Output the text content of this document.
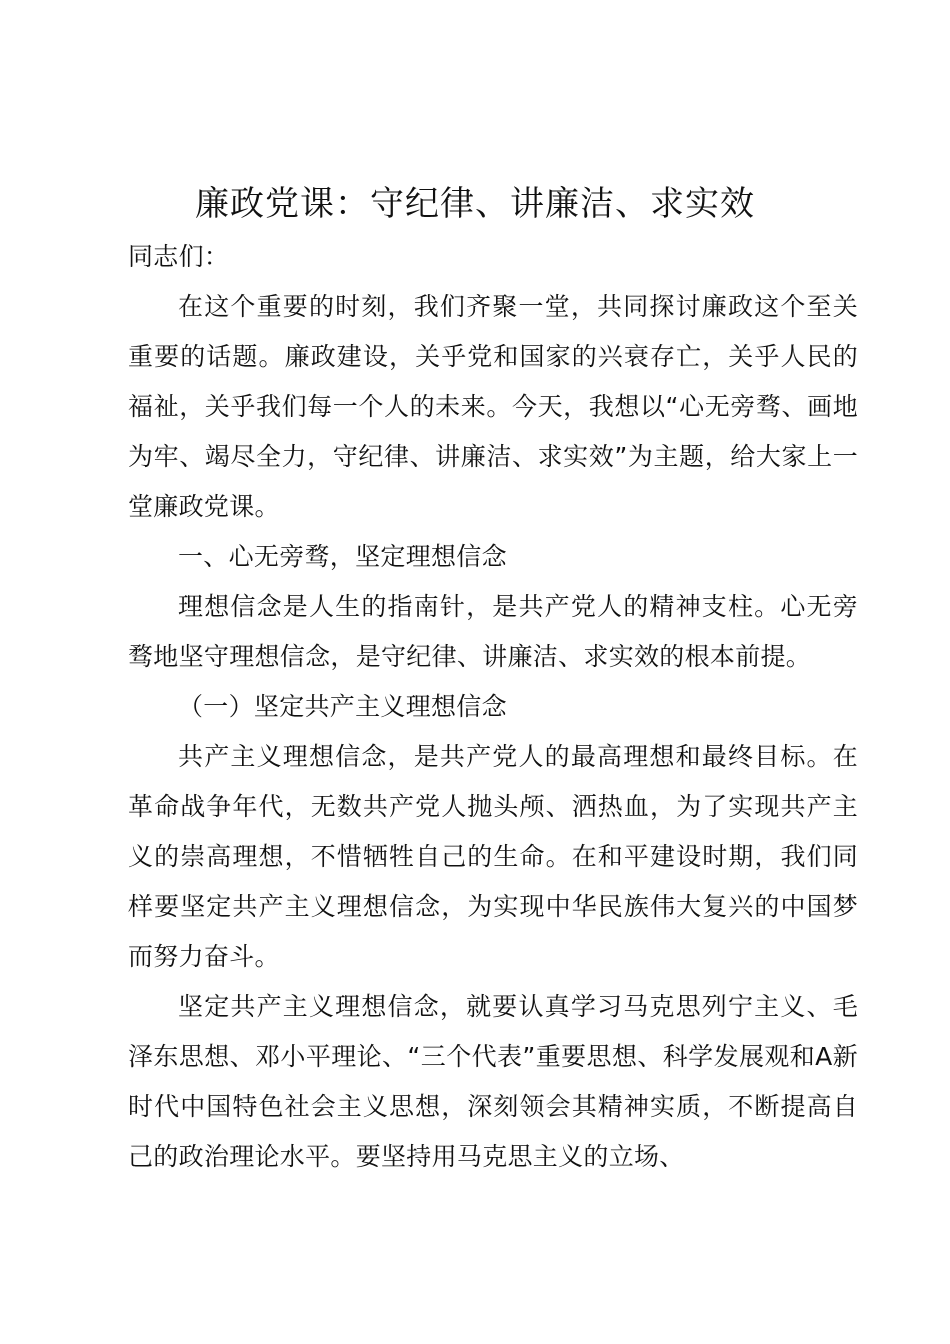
廉政党课：守纪律、讲廉洁、求实效
同志们：

在这个重要的时刻，我们齐聚一堂，共同探讨廉政这个至关重要的话题。廉政建设，关乎党和国家的兴衰存亡，关乎人民的福祉，关乎我们每一个人的未来。今天，我想以“心无旁骛、画地为牢、竭尽全力，守纪律、讲廉洁、求实效”为主题，给大家上一堂廉政党课。

一、心无旁骛，坚定理想信念

理想信念是人生的指南针，是共产党人的精神支柱。心无旁骛地坚守理想信念，是守纪律、讲廉洁、求实效的根本前提。

（一）坚定共产主义理想信念

共产主义理想信念，是共产党人的最高理想和最终目标。在革命战争年代，无数共产党人抛头颅、洒热血，为了实现共产主义的崇高理想，不惜牺牲自己的生命。在和平建设时期，我们同样要坚定共产主义理想信念，为实现中华民族伟大复兴的中国梦而努力奋斗。

坚定共产主义理想信念，就要认真学习马克思列宁主义、毛泽东思想、邓小平理论、“三个代表”重要思想、科学发展观和A新时代中国特色社会主义思想，深刻领会其精神实质，不断提高自己的政治理论水平。要坚持用马克思主义的立场、
